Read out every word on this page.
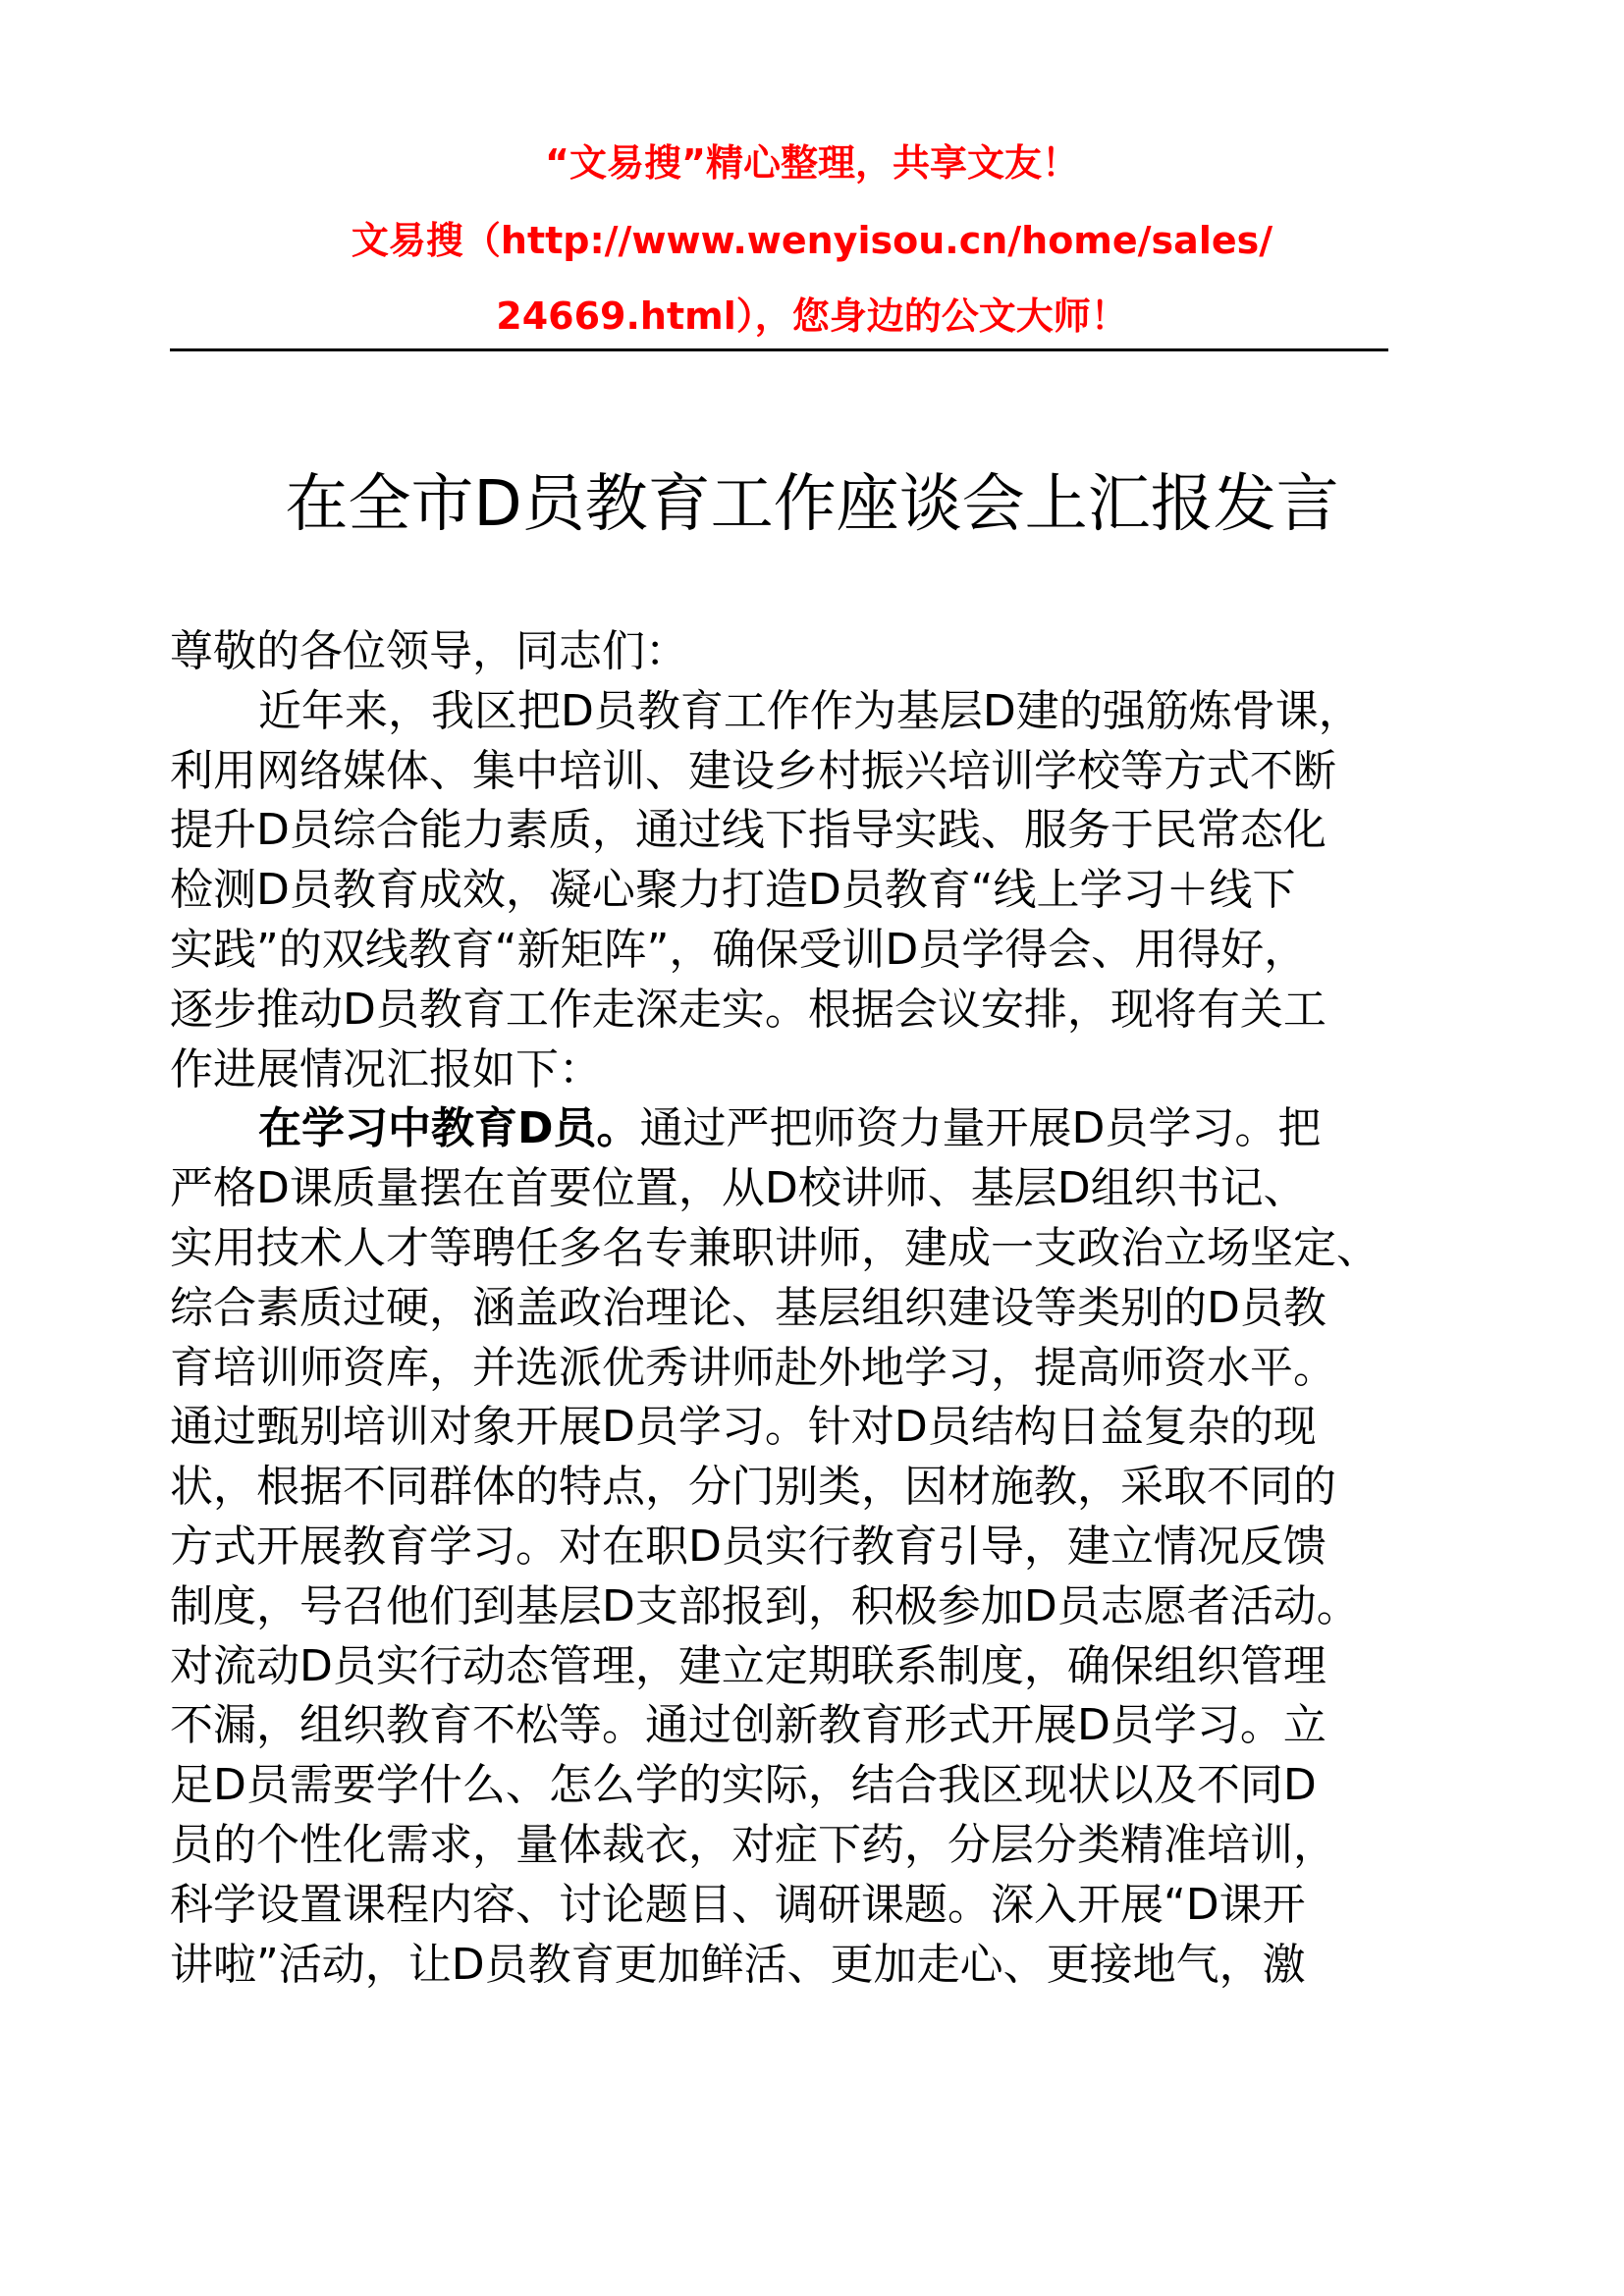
“文易搜”精心整理，共享文友！
文易搜（http://www.wenyisou.cn/home/sales/
24669.html），您身边的公文大师！
在全市D员教育工作座谈会上汇报发言
尊敬的各位领导，同志们：
近年来，我区把D员教育工作作为基层D建的强筋炼骨课，
利用网络媒体、集中培训、建设乡村振兴培训学校等方式不断
提升D员综合能力素质，通过线下指导实践、服务于民常态化
检测D员教育成效，凝心聚力打造D员教育“线上学习＋线下
实践”的双线教育“新矩阵”，确保受训D员学得会、用得好，
逐步推动D员教育工作走深走实。根据会议安排，现将有关工
作进展情况汇报如下：
在学习中教育D员。通过严把师资力量开展D员学习。把
严格D课质量摆在首要位置，从D校讲师、基层D组织书记、
实用技术人才等聘任多名专兼职讲师，建成一支政治立场坚定、
综合素质过硬，涵盖政治理论、基层组织建设等类别的D员教
育培训师资库，并选派优秀讲师赴外地学习，提高师资水平。
通过甄别培训对象开展D员学习。针对D员结构日益复杂的现
状，根据不同群体的特点，分门别类，因材施教，采取不同的
方式开展教育学习。对在职D员实行教育引导，建立情况反馈
制度，号召他们到基层D支部报到，积极参加D员志愿者活动。
对流动D员实行动态管理，建立定期联系制度，确保组织管理
不漏，组织教育不松等。通过创新教育形式开展D员学习。立
足D员需要学什么、怎么学的实际，结合我区现状以及不同D
员的个性化需求，量体裁衣，对症下药，分层分类精准培训，
科学设置课程内容、讨论题目、调研课题。深入开展“D课开
讲啦”活动，让D员教育更加鲜活、更加走心、更接地气，激
